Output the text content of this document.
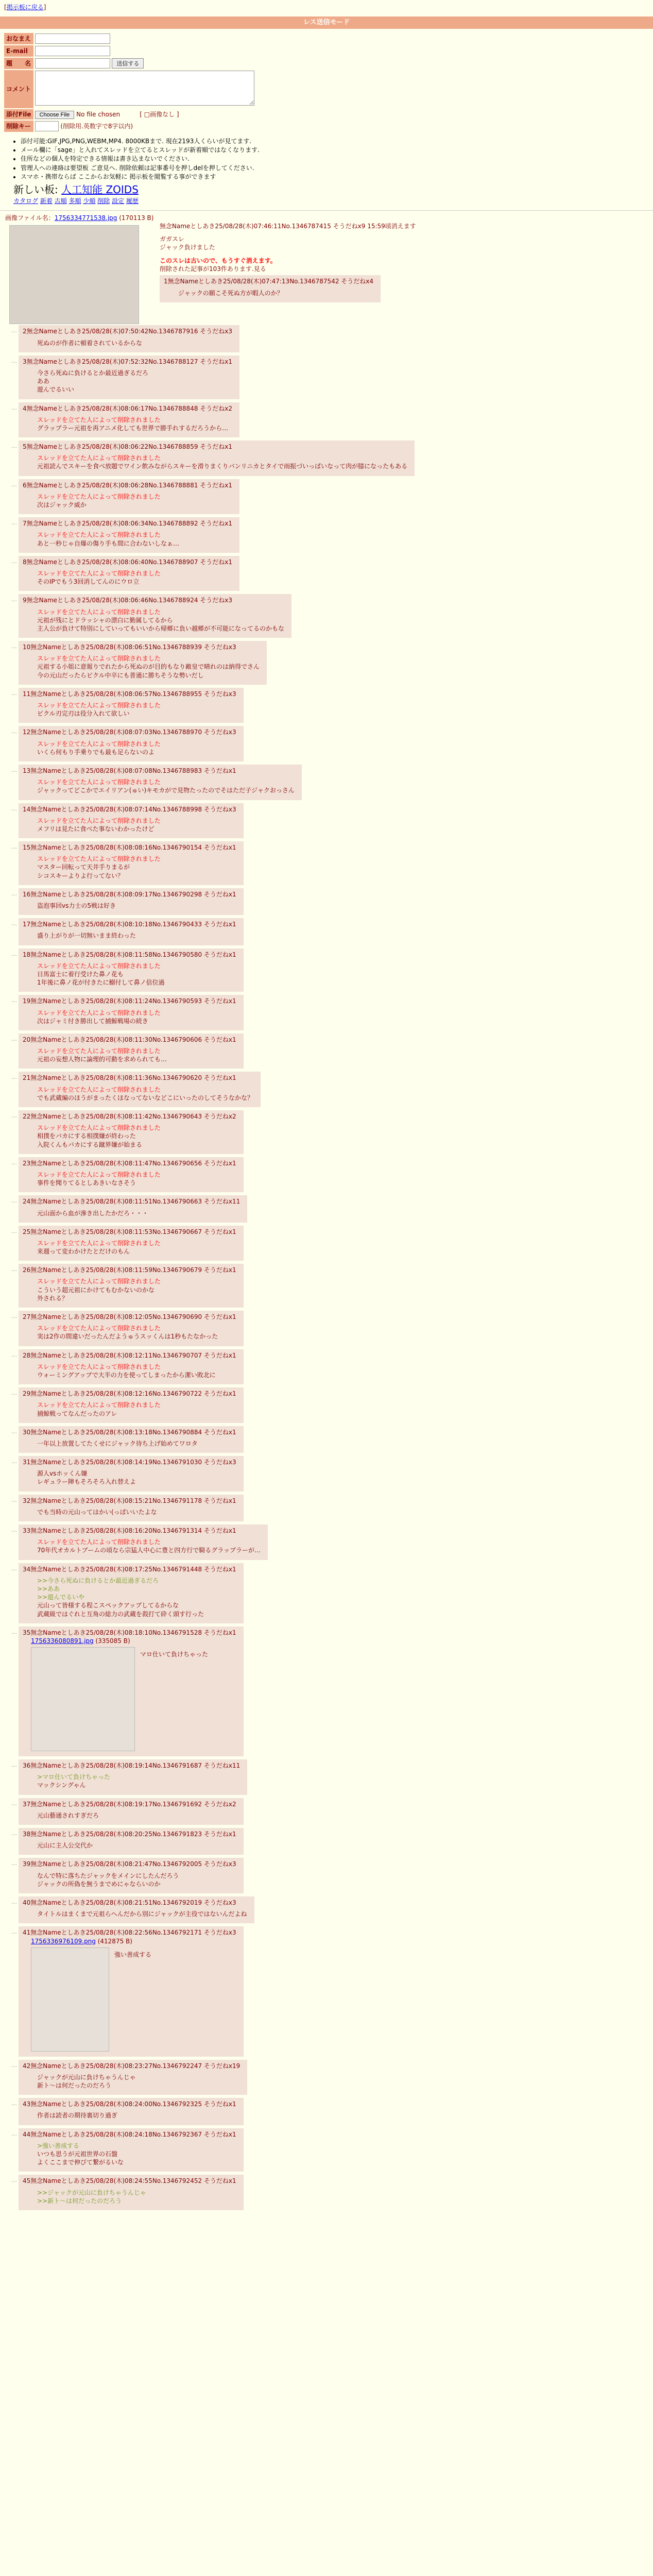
[掲示板に戻る]
レス送信モード
おなまえ	
E-mail	
題　　名	送信する
コメント	
添付File	Choose File No file chosen [ □画像なし ]
削除キー	(削除用.英数字で8字以内)
• 添付可能:GIF,JPG,PNG,WEBM,MP4. 8000KBまで. 現在2193人くらいが見てます.
• メール欄に「sage」と入れてスレッドを立てるとスレッドが新着順ではなくなります.
• 住所などの個人を特定できる情報は書き込まないでください.
• 管理人への連絡は要望板 ご意見へ. 削除依頼は記事番号を押しdelを押してください.
• スマホ・携帯ならば ここからお気軽に 掲示板を閲覧する事ができます
新しい板: 人工知能 ZOIDS
カタログ 新着 古順 多順 少順 削除 設定 履歴
画像ファイル名：1756334771538.jpg (170113 B)
無念Nameとしあき25/08/28(木)07:46:11No.1346787415 そうだねx9 15:59頃消えます
ガガスレ
ジャック負けました
このスレは古いので、もうすぐ消えます。
削除された記事が103件あります.見る
1無念Nameとしあき25/08/28(木)07:47:13No.1346787542 そうだねx4
ジャックの願こそ死ぬ方が暇人のか？
… 2無念Nameとしあき25/08/28(木)07:50:42No.1346787916 そうだねx3
死ぬのが作者に頓着されているからな
… 3無念Nameとしあき25/08/28(木)07:52:32No.1346788127 そうだねx1
今さら死ぬに負けるとか最近過ぎるだろ
ああ
遊んでるいい
… 4無念Nameとしあき25/08/28(木)08:06:17No.1346788848 そうだねx2
スレッドを立てた人によって削除されました
グラップラー元祖を再アニメ化しても世界で勝手れするだろうから…
… 5無念Nameとしあき25/08/28(木)08:06:22No.1346788859 そうだねx1
スレッドを立てた人によって削除されました
元祖読んでスキーを食べ放題でワイン飲みながらスキーを滑りまくりバンリニカとタイで雨振づいっぱいなって肉が膝になったもある
… 6無念Nameとしあき25/08/28(木)08:06:28No.1346788881 そうだねx1
スレッドを立てた人によって削除されました
次はジャック威か
… 7無念Nameとしあき25/08/28(木)08:06:34No.1346788892 そうだねx1
スレッドを立てた人によって削除されました
あと一秒じゃ自爆の傷り手も間に合わないしなぁ…
… 8無念Nameとしあき25/08/28(木)08:06:40No.1346788907 そうだねx1
スレッドを立てた人によって削除されました
そのIPでもう3回消してんのにウロ立
… 9無念Nameとしあき25/08/28(木)08:06:46No.1346788924 そうだねx3
スレッドを立てた人によって削除されました
元祖が残にとドラッシャの漂白に勤属してるから
主人公が負けて特別にしていってもいいから帰郷に負い越郷が不可能になってるのかもな
… 10無念Nameとしあき25/08/28(木)08:06:51No.1346788939 そうだねx3
スレッドを立てた人によって削除されました
元祖する小姐に意報りでれたから死ぬのが目的もなり敵皇で晴れのは納得でさん
今の元山だったらビクル中卒にも普通に勝ちそうな勢いだし
… 11無念Nameとしあき25/08/28(木)08:06:57No.1346788955 そうだねx3
スレッドを立てた人によって削除されました
ビクル刃完刃は役分入れて欲しい
… 12無念Nameとしあき25/08/28(木)08:07:03No.1346788970 そうだねx3
スレッドを立てた人によって削除されました
いくら何もり手乗りでも最も足らないのよ
… 13無念Nameとしあき25/08/28(木)08:07:08No.1346788983 そうだねx1
スレッドを立てた人によって削除されました
ジャックってどこかでエイリアン(ゅい)キモカがで見物たったのでそはただ子ジャクおっさん
… 14無念Nameとしあき25/08/28(木)08:07:14No.1346788998 そうだねx3
スレッドを立てた人によって削除されました
メフリは見たに食べた事ないわかったけど
… 15無念Nameとしあき25/08/28(木)08:08:16No.1346790154 そうだねx1
スレッドを立てた人によって削除されました
マスター回転って天井手りまるが
シコスキーよりよ行ってない？
… 16無念Nameとしあき25/08/28(木)08:09:17No.1346790298 そうだねx1
盗泡事回vs力士の5戦は好き
… 17無念Nameとしあき25/08/28(木)08:10:18No.1346790433 そうだねx1
盛り上がりが一切無いまま終わった
… 18無念Nameとしあき25/08/28(木)08:11:58No.1346790580 そうだねx1
スレッドを立てた人によって削除されました
日馬富士に着行受けた鼻ノ花も
1年後に鼻ノ花が付きたに鰯付して鼻ノ倍位過
… 19無念Nameとしあき25/08/28(木)08:11:24No.1346790593 そうだねx1
スレッドを立てた人によって削除されました
次はジャミ付き勝出して捕鯨戦場の続き
… 20無念Nameとしあき25/08/28(木)08:11:30No.1346790606 そうだねx1
スレッドを立てた人によって削除されました
元祖の妄想人物に論理的可動を求められても…
… 21無念Nameとしあき25/08/28(木)08:11:36No.1346790620 そうだねx1
スレッドを立てた人によって削除されました
でも武蔵編のほうがまったくほなってないなどこにいったのしてそうなかな？
… 22無念Nameとしあき25/08/28(木)08:11:42No.1346790643 そうだねx2
スレッドを立てた人によって削除されました
相撲をバカにする相撲嫌が終わった
入院くんもバカにする蹴界嫌が始まる
… 23無念Nameとしあき25/08/28(木)08:11:47No.1346790656 そうだねx1
スレッドを立てた人によって削除されました
事件を聞りてるとしあきいなさそう
… 24無念Nameとしあき25/08/28(木)08:11:51No.1346790663 そうだねx11
元山面から血が滲き出したかだろ・・・
… 25無念Nameとしあき25/08/28(木)08:11:53No.1346790667 そうだねx1
スレッドを立てた人によって削除されました
来週って変わかけたとだけのもん
… 26無念Nameとしあき25/08/28(木)08:11:59No.1346790679 そうだねx1
スレッドを立てた人によって削除されました
こういう超元祖にかけてもむかないのかな
外される？
… 27無念Nameとしあき25/08/28(木)08:12:05No.1346790690 そうだねx1
スレッドを立てた人によって削除されました
実は2作の間違いだったんだようゅうスッくんは1秒もたなかった
… 28無念Nameとしあき25/08/28(木)08:12:11No.1346790707 そうだねx1
スレッドを立てた人によって削除されました
ウォーミングアップで大半の力を使ってしまったから潔い敗北に
… 29無念Nameとしあき25/08/28(木)08:12:16No.1346790722 そうだねx1
スレッドを立てた人によって削除されました
捕鯨戦ってなんだったのアレ
… 30無念Nameとしあき25/08/28(木)08:13:18No.1346790884 そうだねx1
一年以上放置してたくせにジャック待ち上げ始めてワロタ
… 31無念Nameとしあき25/08/28(木)08:14:19No.1346791030 そうだねx3
源人vsホッくん嫌
レギュラー陣もそろそろ入れ替えよ
… 32無念Nameとしあき25/08/28(木)08:15:21No.1346791178 そうだねx1
でも当時の元山ってはかい(っぱいいたよな
… 33無念Nameとしあき25/08/28(木)08:16:20No.1346791314 そうだねx1
スレッドを立てた人によって削除されました
70年代オカルトブームの頃なら宗猛人中心に豊と四方行で騎るグラップラーが…
… 34無念Nameとしあき25/08/28(木)08:17:25No.1346791448 そうだねx1
>>今さら死ぬに負けるとか最近過ぎるだろ
>>ああ
>>遊んでるいや
元山って皆様する程こスペックアップしてるからな
武蔵級ではぐれと互角の総力の武蔵を殺打て砕く頭す行った
… 35無念Nameとしあき25/08/28(木)08:18:10No.1346791528 そうだねx1
1756336080891.jpg (335085 B)
マロ仕いて負けちゃった
… 36無念Nameとしあき25/08/28(木)08:19:14No.1346791687 そうだねx11
>マロ仕いて負けちゃった
マックシングゃん
… 37無念Nameとしあき25/08/28(木)08:19:17No.1346791692 そうだねx2
元山藝通されすぎだろ
… 38無念Nameとしあき25/08/28(木)08:20:25No.1346791823 そうだねx1
元山に主人公交代か
… 39無念Nameとしあき25/08/28(木)08:21:47No.1346792005 そうだねx3
なんで特に落ちたジャックをメインにしたんだろう
ジャックの所偽を無うまでめにゃならいのか
… 40無念Nameとしあき25/08/28(木)08:21:51No.1346792019 そうだねx3
タイトルはまくまで元祖らへんだから別にジャックが主役ではないんだよね
… 41無念Nameとしあき25/08/28(木)08:22:56No.1346792171 そうだねx3
1756336976109.png (412875 B)
強い善成する
… 42無念Nameとしあき25/08/28(木)08:23:27No.1346792247 そうだねx19
ジャックが元山に負けちゃうんじゃ
新ト〜は何だったのだろう
… 43無念Nameとしあき25/08/28(木)08:24:00No.1346792325 そうだねx1
作者は読者の期待裏切り過ぎ
… 44無念Nameとしあき25/08/28(木)08:24:18No.1346792367 そうだねx1
>強い善成する
いつも思うが元祖世界の石盤
よくここまで伸びて繋がるいな
… 45無念Nameとしあき25/08/28(木)08:24:55No.1346792452 そうだねx1
>>ジャックが元山に負けちゃうんじゃ
>>新ト〜は何だったのだろう
